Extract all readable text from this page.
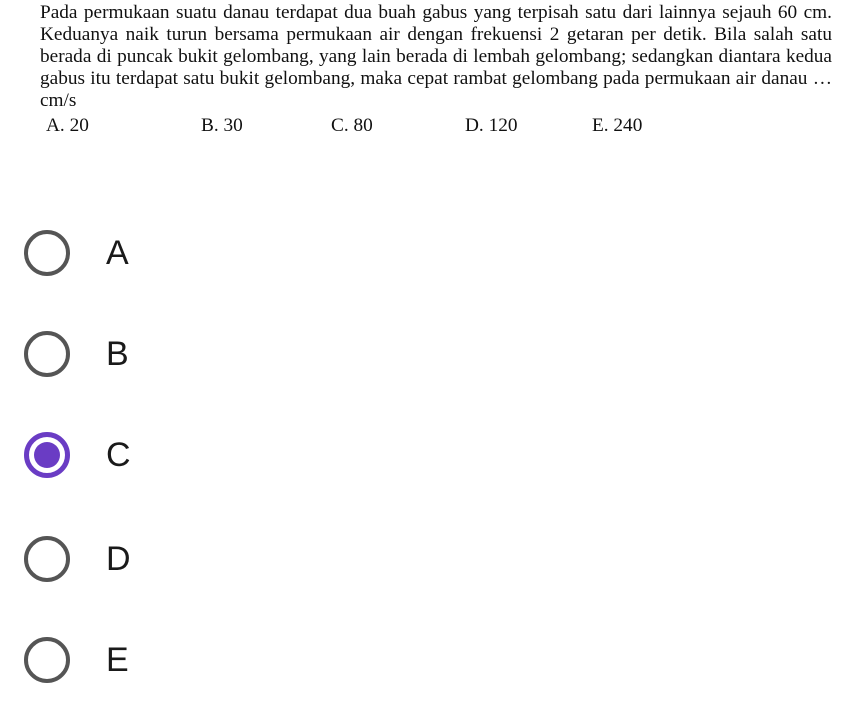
Pada permukaan suatu danau terdapat dua buah gabus yang terpisah satu dari lainnya sejauh 60 cm. Keduanya naik turun bersama permukaan air dengan frekuensi 2 getaran per detik. Bila salah satu berada di puncak bukit gelombang, yang lain berada di lembah gelombang; sedangkan diantara kedua gabus itu terdapat satu bukit gelombang, maka cepat rambat gelombang pada permukaan air danau …cm/s

A. 20	B. 30	C. 80	D. 120	E. 240
A
B
C
D
E
